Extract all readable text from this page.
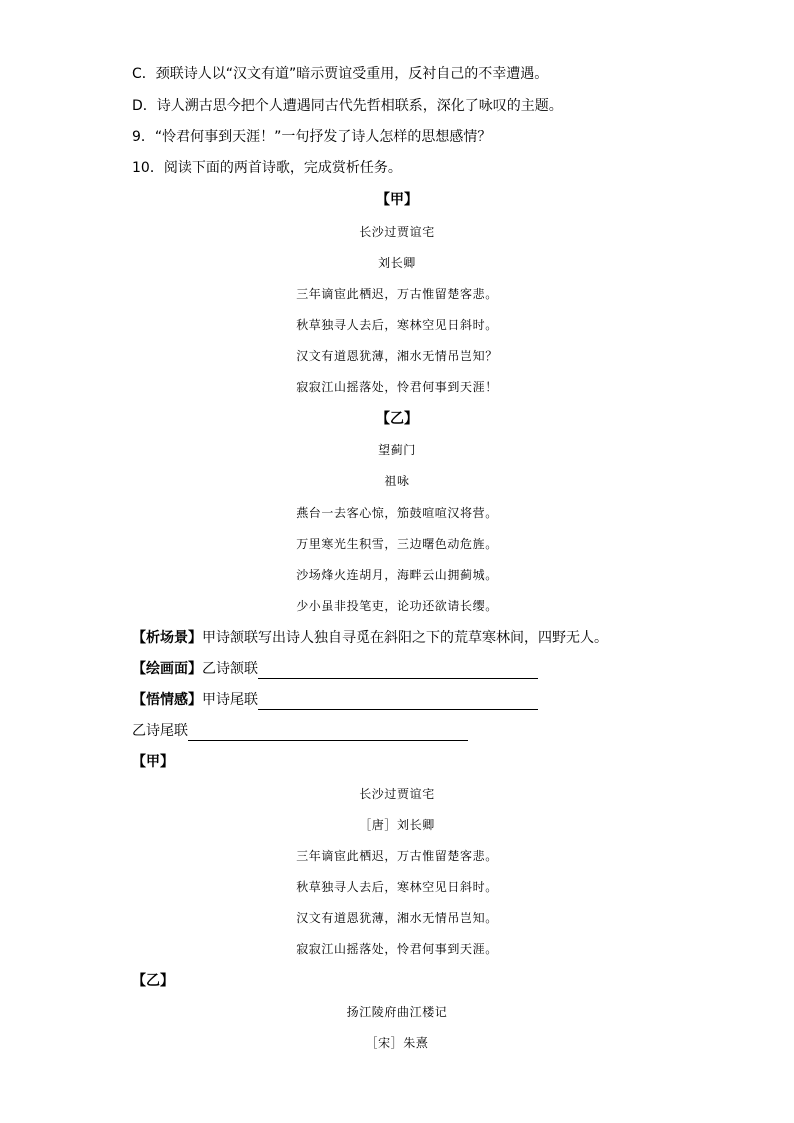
C．颈联诗人以“汉文有道”暗示贾谊受重用，反衬自己的不幸遭遇。
D．诗人溯古思今把个人遭遇同古代先哲相联系，深化了咏叹的主题。
9．“怜君何事到天涯！”一句抒发了诗人怎样的思想感情？
10．阅读下面的两首诗歌，完成赏析任务。
【甲】
长沙过贾谊宅
刘长卿
三年谪宦此栖迟，万古惟留楚客悲。
秋草独寻人去后，寒林空见日斜时。
汉文有道恩犹薄，湘水无情吊岂知？
寂寂江山摇落处，怜君何事到天涯！
【乙】
望蓟门
祖咏
燕台一去客心惊，笳鼓喧喧汉将营。
万里寒光生积雪，三边曙色动危旌。
沙场烽火连胡月，海畔云山拥蓟城。
少小虽非投笔吏，论功还欲请长缨。
【析场景】甲诗颔联写出诗人独自寻觅在斜阳之下的荒草寒林间，四野无人。
【绘画面】乙诗颔联
【悟情感】甲诗尾联
乙诗尾联
【甲】
长沙过贾谊宅
［唐］刘长卿
三年谪宦此栖迟，万古惟留楚客悲。
秋草独寻人去后，寒林空见日斜时。
汉文有道恩犹薄，湘水无情吊岂知。
寂寂江山摇落处，怜君何事到天涯。
【乙】
扬江陵府曲江楼记
［宋］朱熹
